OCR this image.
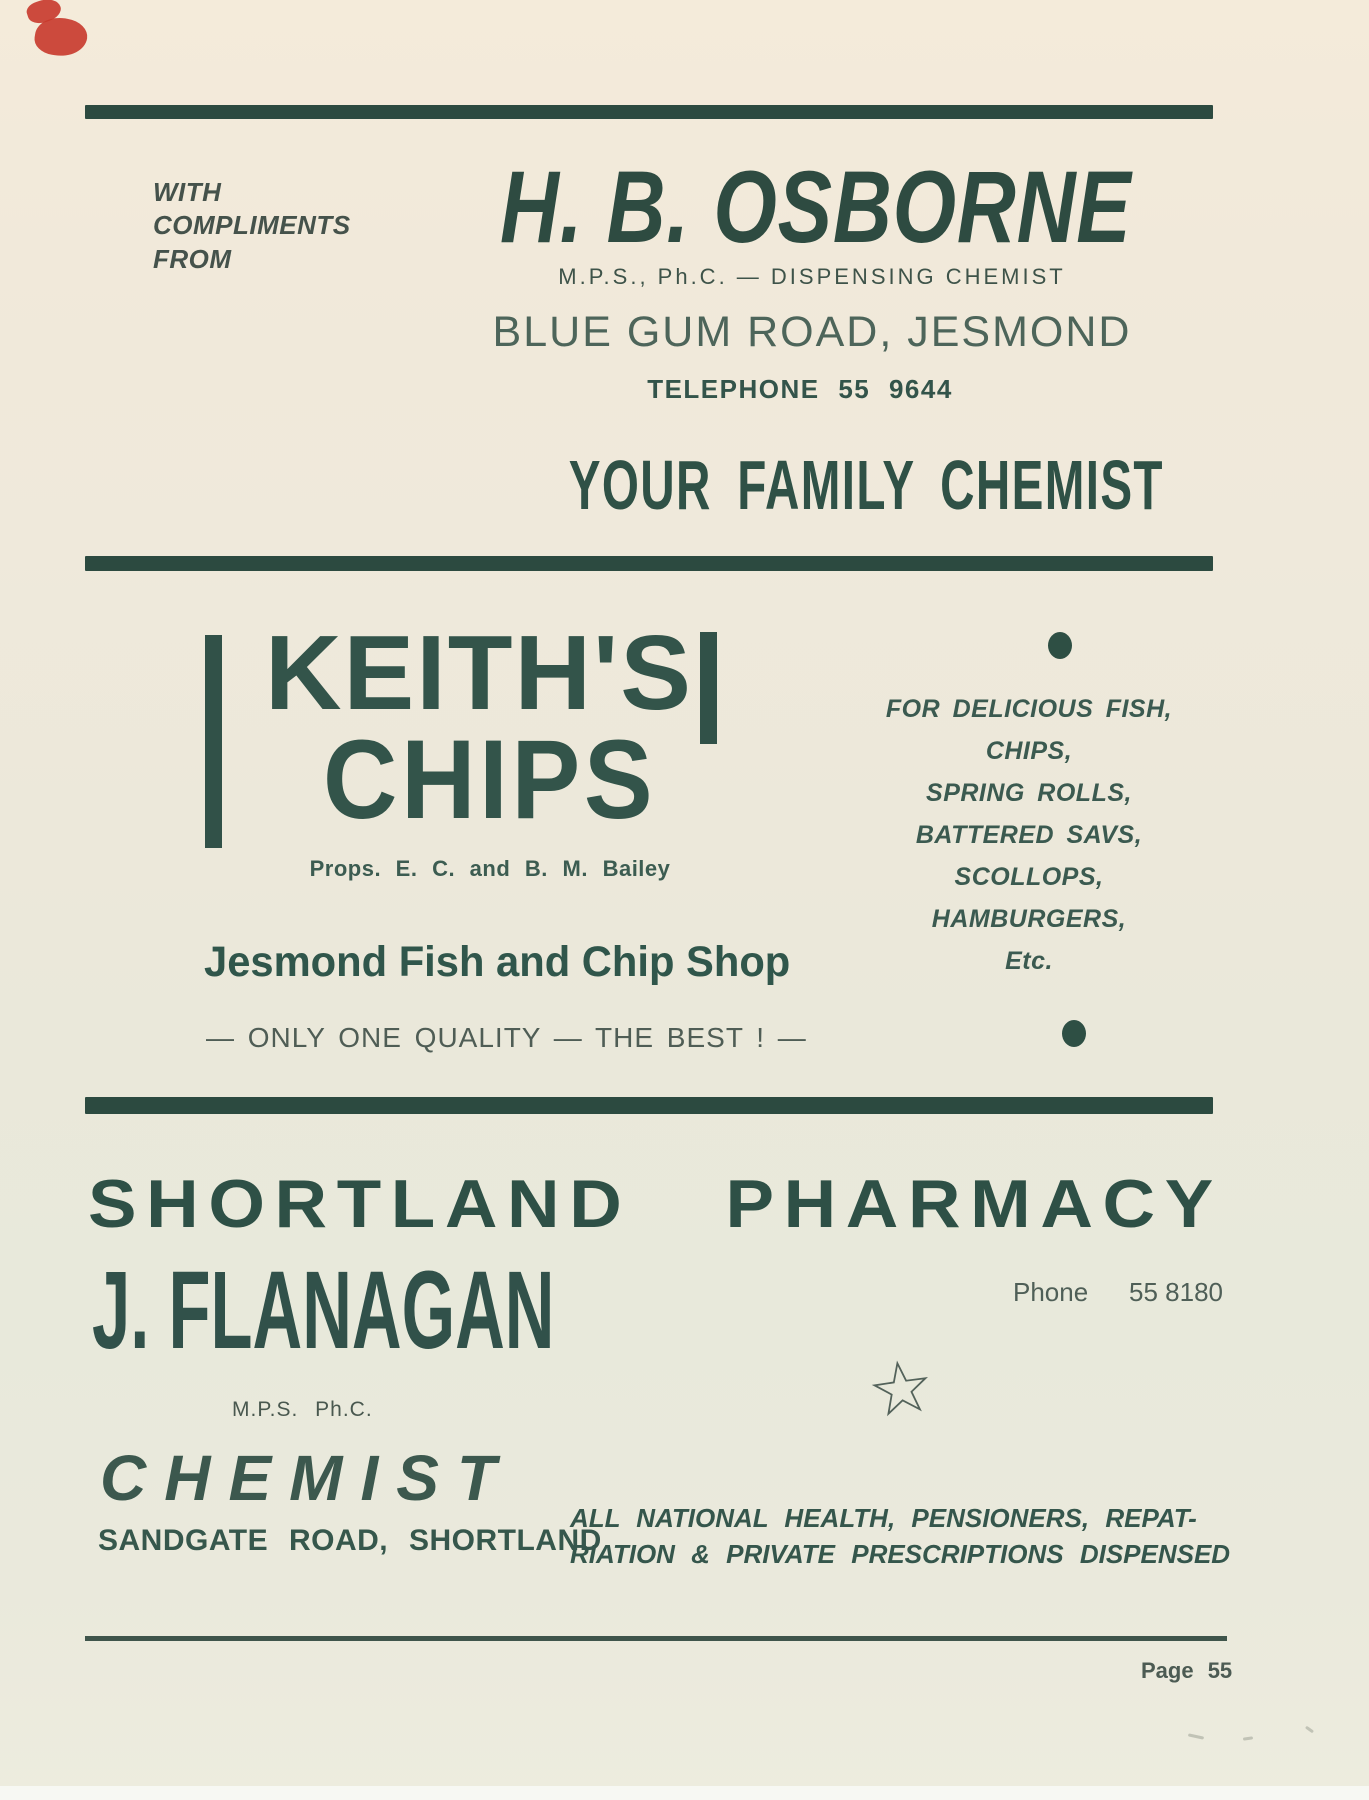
WITH COMPLIMENTS FROM	H. B. OSBORNE
M.P.S., Ph.C. — DISPENSING CHEMIST
BLUE GUM ROAD, JESMOND
TELEPHONE 55 9644
YOUR FAMILY CHEMIST
KEITH'S
CHIPS
Props. E. C. and B. M. Bailey
Jesmond Fish and Chip Shop
— ONLY ONE QUALITY — THE BEST ! —
FOR DELICIOUS FISH,
CHIPS,
SPRING ROLLS,
BATTERED SAVS,
SCOLLOPS,
HAMBURGERS,
Etc.
SHORTLAND PHARMACY
J. FLANAGAN
M.P.S. Ph.C.
Phone 55 8180
CHEMIST
SANDGATE ROAD, SHORTLAND
ALL NATIONAL HEALTH, PENSIONERS, REPAT-
RIATION & PRIVATE PRESCRIPTIONS DISPENSED
Page 55
